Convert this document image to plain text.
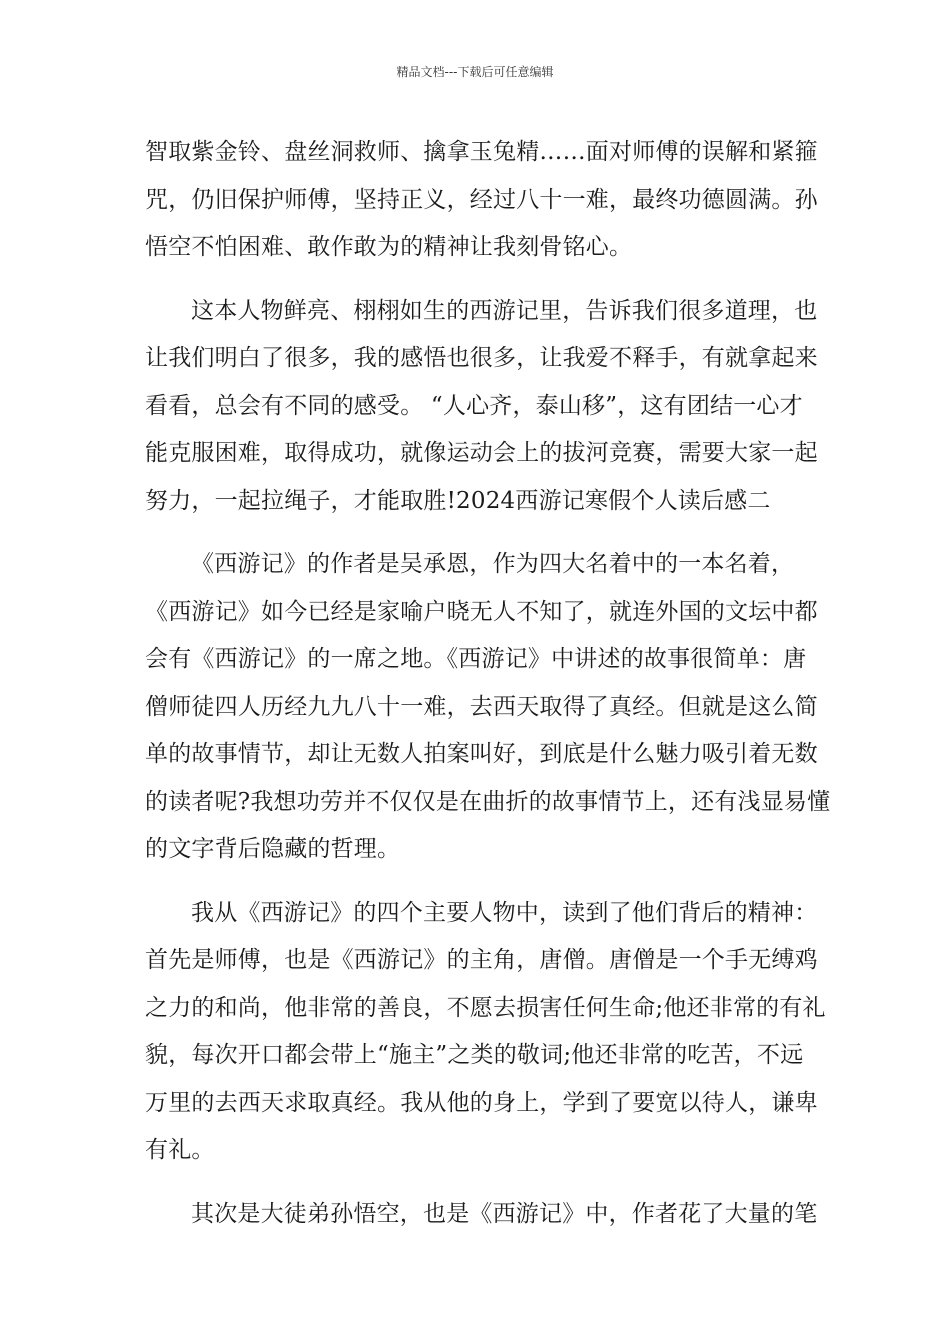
精品文档---下载后可任意编辑
智取紫金铃、盘丝洞救师、擒拿玉兔精……面对师傅的误解和紧箍
咒，仍旧保护师傅，坚持正义，经过八十一难，最终功德圆满。孙
悟空不怕困难、敢作敢为的精神让我刻骨铭心。
这本人物鲜亮、栩栩如生的西游记里，告诉我们很多道理，也
让我们明白了很多，我的感悟也很多，让我爱不释手，有就拿起来
看看，总会有不同的感受。 “人心齐，泰山移”，这有团结一心才
能克服困难，取得成功，就像运动会上的拔河竞赛，需要大家一起
努力，一起拉绳子，才能取胜!2024西游记寒假个人读后感二
《西游记》的作者是吴承恩，作为四大名着中的一本名着，
《西游记》如今已经是家喻户晓无人不知了，就连外国的文坛中都
会有《西游记》的一席之地。《西游记》中讲述的故事很简单：唐
僧师徒四人历经九九八十一难，去西天取得了真经。但就是这么简
单的故事情节，却让无数人拍案叫好，到底是什么魅力吸引着无数
的读者呢?我想功劳并不仅仅是在曲折的故事情节上，还有浅显易懂
的文字背后隐藏的哲理。
我从《西游记》的四个主要人物中，读到了他们背后的精神：
首先是师傅，也是《西游记》的主角，唐僧。唐僧是一个手无缚鸡
之力的和尚，他非常的善良，不愿去损害任何生命;他还非常的有礼
貌，每次开口都会带上“施主”之类的敬词;他还非常的吃苦，不远
万里的去西天求取真经。我从他的身上，学到了要宽以待人，谦卑
有礼。
其次是大徒弟孙悟空，也是《西游记》中，作者花了大量的笔
